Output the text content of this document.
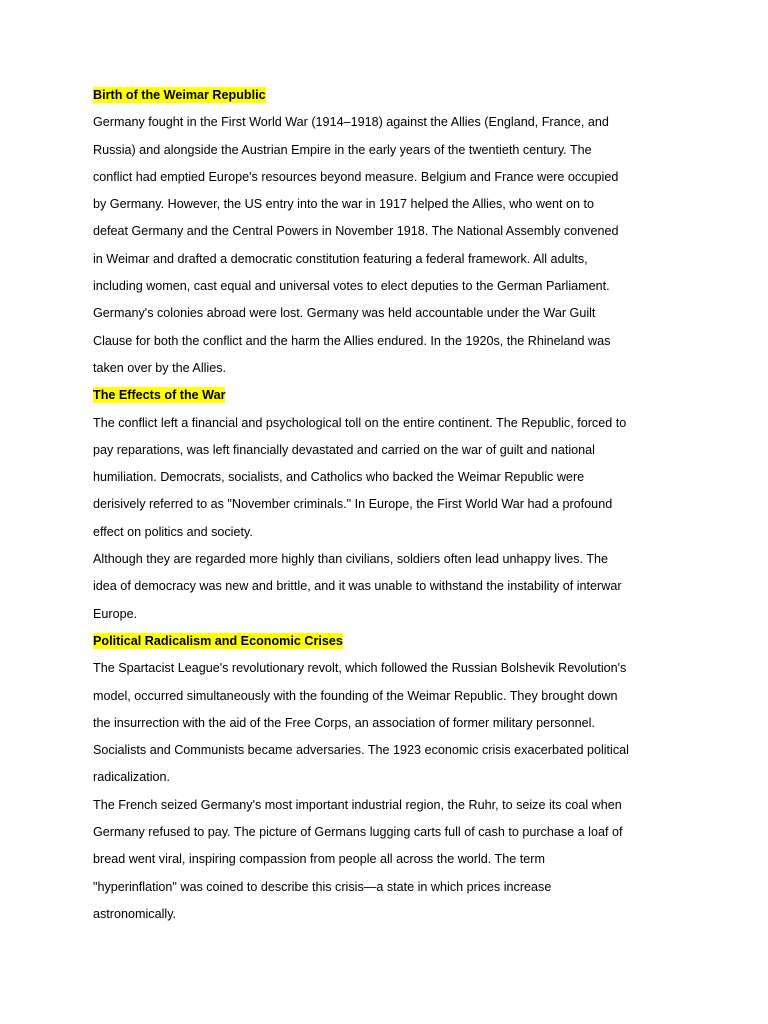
Birth of the Weimar Republic
Germany fought in the First World War (1914–1918) against the Allies (England, France, and
Russia) and alongside the Austrian Empire in the early years of the twentieth century. The
conflict had emptied Europe's resources beyond measure. Belgium and France were occupied
by Germany. However, the US entry into the war in 1917 helped the Allies, who went on to
defeat Germany and the Central Powers in November 1918. The National Assembly convened
in Weimar and drafted a democratic constitution featuring a federal framework. All adults,
including women, cast equal and universal votes to elect deputies to the German Parliament.
Germany's colonies abroad were lost. Germany was held accountable under the War Guilt
Clause for both the conflict and the harm the Allies endured. In the 1920s, the Rhineland was
taken over by the Allies.
The Effects of the War
The conflict left a financial and psychological toll on the entire continent. The Republic, forced to
pay reparations, was left financially devastated and carried on the war of guilt and national
humiliation. Democrats, socialists, and Catholics who backed the Weimar Republic were
derisively referred to as "November criminals." In Europe, the First World War had a profound
effect on politics and society.
Although they are regarded more highly than civilians, soldiers often lead unhappy lives. The
idea of democracy was new and brittle, and it was unable to withstand the instability of interwar
Europe.
Political Radicalism and Economic Crises
The Spartacist League's revolutionary revolt, which followed the Russian Bolshevik Revolution's
model, occurred simultaneously with the founding of the Weimar Republic. They brought down
the insurrection with the aid of the Free Corps, an association of former military personnel.
Socialists and Communists became adversaries. The 1923 economic crisis exacerbated political
radicalization.
The French seized Germany's most important industrial region, the Ruhr, to seize its coal when
Germany refused to pay. The picture of Germans lugging carts full of cash to purchase a loaf of
bread went viral, inspiring compassion from people all across the world. The term
"hyperinflation" was coined to describe this crisis—a state in which prices increase
astronomically.
